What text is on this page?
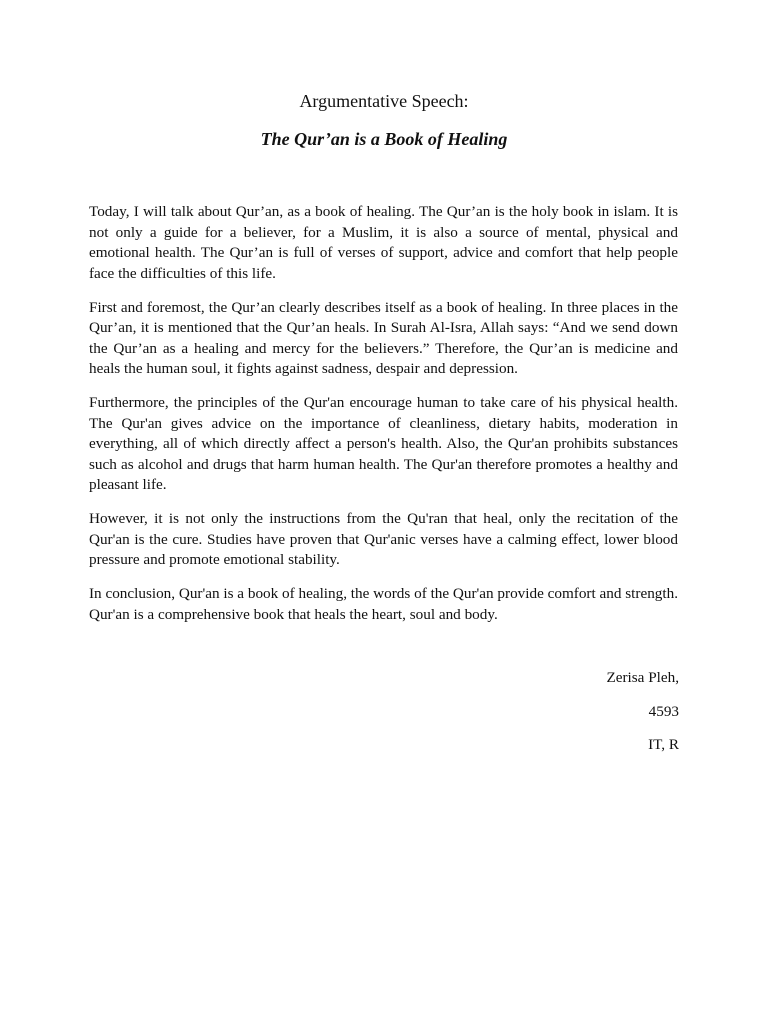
Argumentative Speech:
The Qur’an is a Book of Healing

Today, I will talk about Qur’an, as a book of healing. The Qur’an is the holy book in islam. It is not only a guide for a believer, for a Muslim, it is also a source of mental, physical and emotional health. The Qur’an is full of verses of support, advice and comfort that help people face the difficulties of this life.

First and foremost, the Qur’an clearly describes itself as a book of healing. In three places in the Qur’an, it is mentioned that the Qur’an heals. In Surah Al-Isra, Allah says: “And we send down the Qur’an as a healing and mercy for the believers.” Therefore, the Qur’an is medicine and heals the human soul, it fights against sadness, despair and depression.

Furthermore, the principles of the Qur'an encourage human to take care of his physical health. The Qur'an gives advice on the importance of cleanliness, dietary habits, moderation in everything, all of which directly affect a person's health. Also, the Qur'an prohibits substances such as alcohol and drugs that harm human health. The Qur'an therefore promotes a healthy and pleasant life.

However, it is not only the instructions from the Qu'ran that heal, only the recitation of the Qur'an is the cure. Studies have proven that Qur'anic verses have a calming effect, lower blood pressure and promote emotional stability.

In conclusion, Qur'an is a book of healing, the words of the Qur'an provide comfort and strength. Qur'an is a comprehensive book that heals the heart, soul and body.

Zerisa Pleh,
4593
IT, R
